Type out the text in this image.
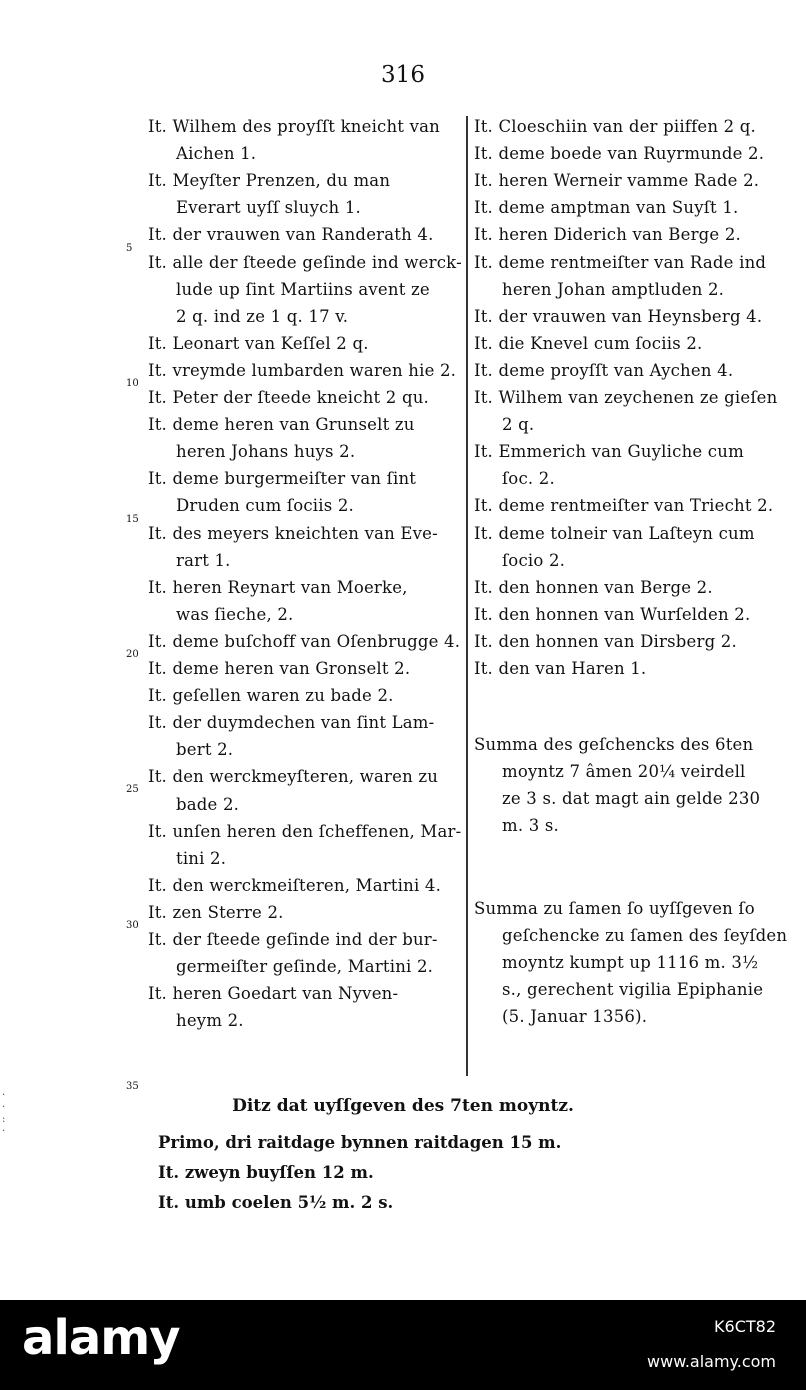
316
It. Wilhem des proyſſt kneicht van
Aichen 1.
It. Meyſter Prenzen, du man
Everart uyſſ sluych 1.
It. der vrauwen van Randerath 4.
It. alle der ſteede geſinde ind werck-
lude up ſint Martiins avent ze
2 q. ind ze 1 q. 17 v.
It. Leonart van Keſſel 2 q.
It. vreymde lumbarden waren hie 2.
It. Peter der ſteede kneicht 2 qu.
It. deme heren van Grunselt zu
heren Johans huys 2.
It. deme burgermeiſter van ſint
Druden cum ſociis 2.
It. des meyers kneichten van Eve-
rart 1.
It. heren Reynart van Moerke,
was ſieche, 2.
It. deme buſchoff van Oſenbrugge 4.
It. deme heren van Gronselt 2.
It. geſellen waren zu bade 2.
It. der duymdechen van ſint Lam-
bert 2.
It. den werckmeyſteren, waren zu
bade 2.
It. unſen heren den ſcheffenen, Mar-
tini 2.
It. den werckmeiſteren, Martini 4.
It. zen Sterre 2.
It. der ſteede geſinde ind der bur-
germeiſter geſinde, Martini 2.
It. heren Goedart van Nyven-
heym 2.
It. Cloeschiin van der piiffen 2 q.
It. deme boede van Ruyrmunde 2.
It. heren Werneir vamme Rade 2.
It. deme amptman van Suyſt 1.
It. heren Diderich van Berge 2.
It. deme rentmeiſter van Rade ind
heren Johan amptluden 2.
It. der vrauwen van Heynsberg 4.
It. die Knevel cum ſociis 2.
It. deme proyſſt van Aychen 4.
It. Wilhem van zeychenen ze gieſen
2 q.
It. Emmerich van Guyliche cum
ſoc. 2.
It. deme rentmeiſter van Triecht 2.
It. deme tolneir van Laſteyn cum
ſocio 2.
It. den honnen van Berge 2.
It. den honnen van Wurſelden 2.
It. den honnen van Dirsberg 2.
It. den van Haren 1.
Summa des geſchencks des 6ten
moyntz 7 âmen 20¼ veirdell
ze 3 s. dat magt ain gelde 230
m. 3 s.
Summa zu ſamen ſo uyſſgeven ſo
geſchencke zu ſamen des ſeyſden
moyntz kumpt up 1116 m. 3½
s., gerechent vigilia Epiphanie
(5. Januar 1356).
5
10
15
20
25
30
35
Ditz dat uyſſgeven des 7ten moyntz.
Primo, dri raitdage bynnen raitdagen 15 m.
It. zweyn buyſſen 12 m.
It. umb coelen 5½ m. 2 s.
·
·
:
·
alamy	K6CT82
www.alamy.com
